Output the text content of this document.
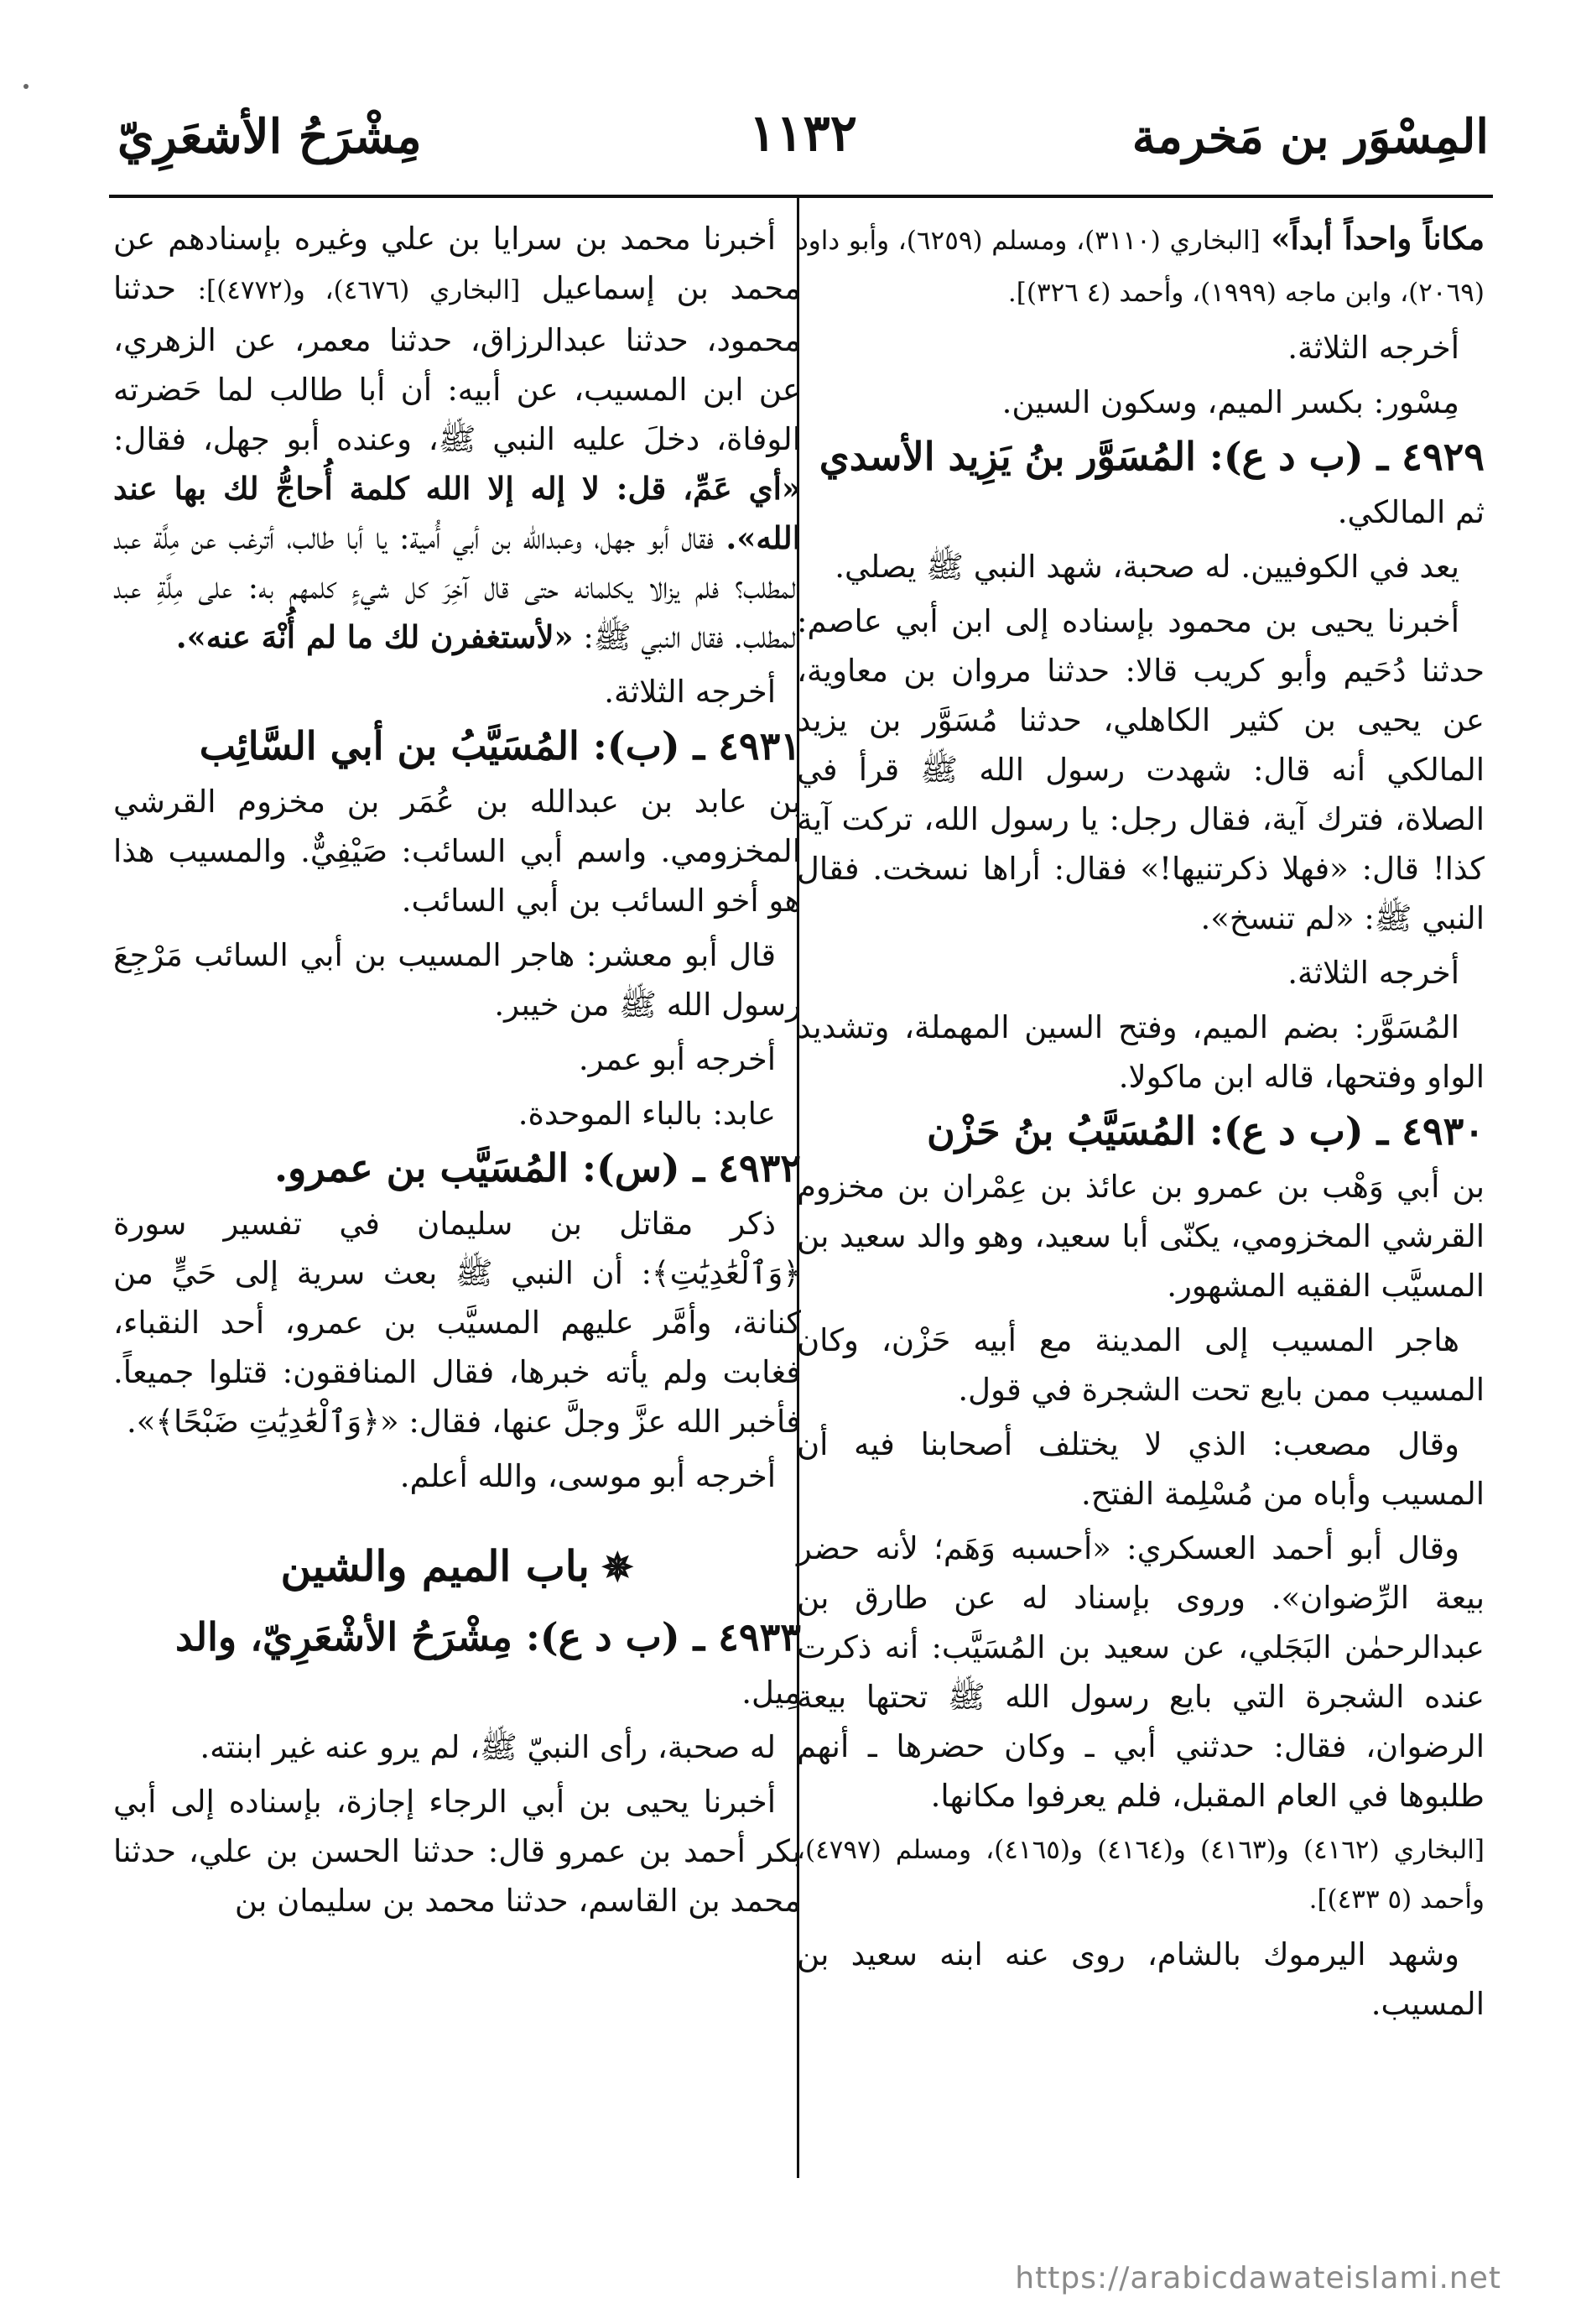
المِسْوَر بن مَخرمة
١١٣٢
مِشْرَحُ الأشعَرِيّ

مكاناً واحداً أبداً» [البخاري (٣١١٠)، ومسلم (٦٢٥٩)، وأبو داود (٢٠٦٩)، وابن ماجه (١٩٩٩)، وأحمد (٤ ٣٢٦)].

أخرجه الثلاثة.

مِسْور: بكسر الميم، وسكون السين.

٤٩٢٩ ـ (ب د ع): المُسَوَّر بنُ يَزِيد الأسدي

ثم المالكي.

يعد في الكوفيين. له صحبة، شهد النبي ﷺ يصلي.

أخبرنا يحيى بن محمود بإسناده إلى ابن أبي عاصم: حدثنا دُحَيم وأبو كريب قالا: حدثنا مروان بن معاوية، عن يحيى بن كثير الكاهلي، حدثنا مُسَوَّر بن يزيد المالكي أنه قال: شهدت رسول الله ﷺ قرأ في الصلاة، فترك آية، فقال رجل: يا رسول الله، تركت آية كذا! قال: «فهلا ذكرتنيها!» فقال: أراها نسخت. فقال النبي ﷺ: «لم تنسخ».

أخرجه الثلاثة.

المُسَوَّر: بضم الميم، وفتح السين المهملة، وتشديد الواو وفتحها، قاله ابن ماكولا.

٤٩٣٠ ـ (ب د ع): المُسَيَّبُ بنُ حَزْن

بن أبي وَهْب بن عمرو بن عائذ بن عِمْران بن مخزوم القرشي المخزومي، يكنّى أبا سعيد، وهو والد سعيد بن المسيَّب الفقيه المشهور.

هاجر المسيب إلى المدينة مع أبيه حَزْن، وكان المسيب ممن بايع تحت الشجرة في قول.

وقال مصعب: الذي لا يختلف أصحابنا فيه أن المسيب وأباه من مُسْلِمة الفتح.

وقال أبو أحمد العسكري: «أحسبه وَهَم؛ لأنه حضر بيعة الرِّضوان». وروى بإسناد له عن طارق بن عبدالرحمٰن البَجَلي، عن سعيد بن المُسَيَّب: أنه ذكرت عنده الشجرة التي بايع رسول الله ﷺ تحتها بيعة الرضوان، فقال: حدثني أبي ـ وكان حضرها ـ أنهم طلبوها في العام المقبل، فلم يعرفوا مكانها.

[البخاري (٤١٦٢) و(٤١٦٣) و(٤١٦٤) و(٤١٦٥)، ومسلم (٤٧٩٧)، وأحمد (٥ ٤٣٣)].

وشهد اليرموك بالشام، روى عنه ابنه سعيد بن المسيب.

أخبرنا محمد بن سرايا بن علي وغيره بإسنادهم عن محمد بن إسماعيل [البخاري (٤٦٧٦)، و(٤٧٧٢)]: حدثنا محمود، حدثنا عبدالرزاق، حدثنا معمر، عن الزهري، عن ابن المسيب، عن أبيه: أن أبا طالب لما حَضرته الوفاة، دخلَ عليه النبي ﷺ، وعنده أبو جهل، فقال: «أي عَمِّ، قل: لا إله إلا الله كلمة أُحاجُّ لك بها عند الله». فقال أبو جهل، وعبدالله بن أبي أُمية: يا أبا طالب، أترغب عن مِلَّة عبد المطلب؟ فلم يزالا يكلمانه حتى قال آخِرَ كل شيءٍ كلمهم به: على مِلَّةِ عبد المطلب. فقال النبي ﷺ: «لأستغفرن لك ما لم أُنْهَ عنه».

أخرجه الثلاثة.

٤٩٣١ ـ (ب): المُسَيَّبُ بن أبي السَّائِب

بن عابد بن عبدالله بن عُمَر بن مخزوم القرشي المخزومي. واسم أبي السائب: صَيْفِيٌّ. والمسيب هذا هو أخو السائب بن أبي السائب.

قال أبو معشر: هاجر المسيب بن أبي السائب مَرْجِعَ رسول الله ﷺ من خيبر.

أخرجه أبو عمر.

عابد: بالباء الموحدة.

٤٩٣٢ ـ (س): المُسَيَّب بن عمرو.

ذكر مقاتل بن سليمان في تفسير سورة ﴿وَٱلْعَٰدِيَٰتِ﴾: أن النبي ﷺ بعث سرية إلى حَيٍّ من كنانة، وأمَّر عليهم المسيَّب بن عمرو، أحد النقباء، فغابت ولم يأته خبرها، فقال المنافقون: قتلوا جميعاً. فأخبر الله عزَّ وجلَّ عنها، فقال: «﴿وَٱلْعَٰدِيَٰتِ ضَبْحًا﴾».

أخرجه أبو موسى، والله أعلم.

✵باب الميم والشين

٤٩٣٣ ـ (ب د ع): مِشْرَحُ الأشْعَرِيّ، والد

مِيل.

له صحبة، رأى النبيّ ﷺ، لم يرو عنه غير ابنته.

أخبرنا يحيى بن أبي الرجاء إجازة، بإسناده إلى أبي بكر أحمد بن عمرو قال: حدثنا الحسن بن علي، حدثنا محمد بن القاسم، حدثنا محمد بن سليمان بن

https://arabicdawateislami.net
